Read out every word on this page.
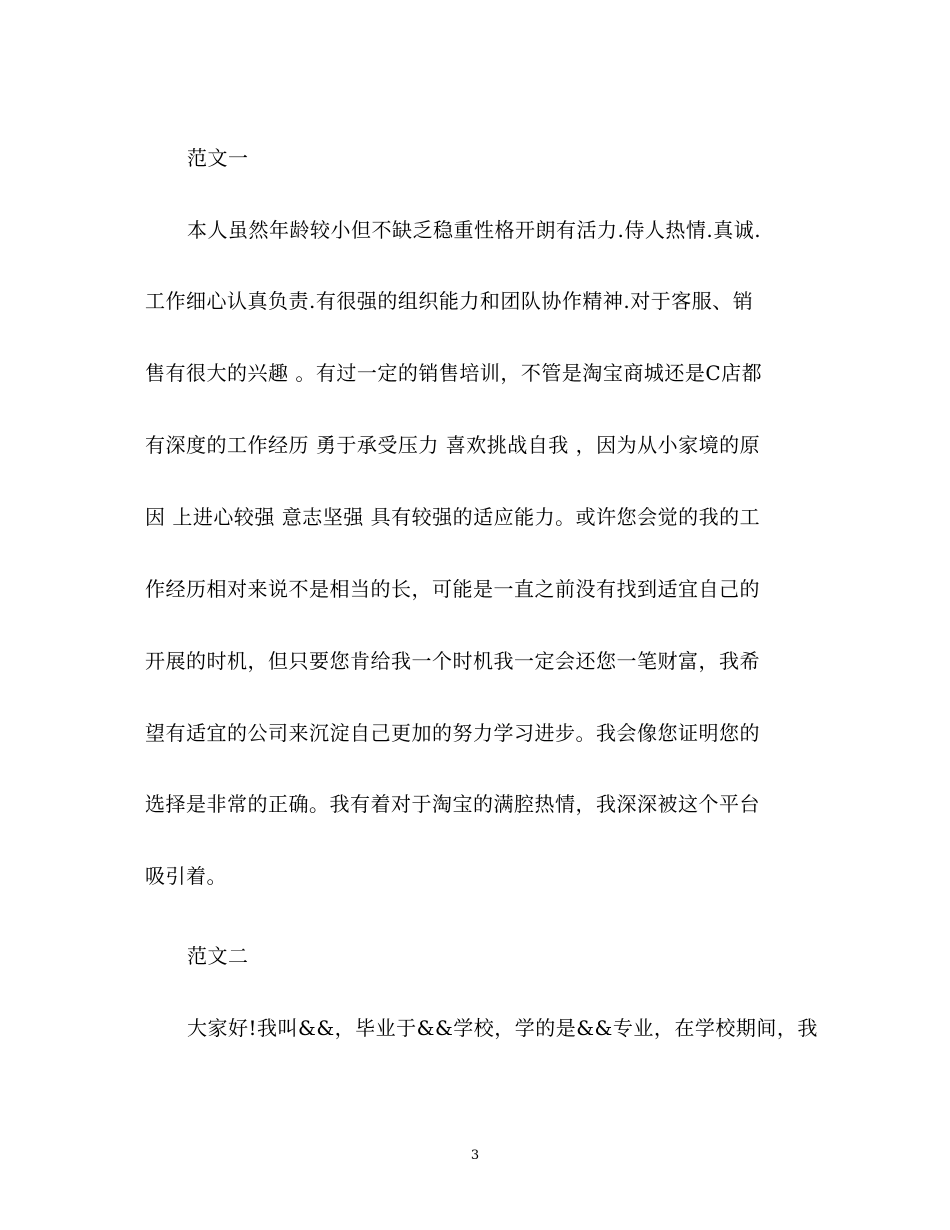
范文一
本人虽然年龄较小但不缺乏稳重性格开朗有活力.侍人热情.真诚.
工作细心认真负责.有很强的组织能力和团队协作精神.对于客服、销
售有很大的兴趣 。有过一定的销售培训，不管是淘宝商城还是C店都
有深度的工作经历 勇于承受压力 喜欢挑战自我 ，因为从小家境的原
因 上进心较强 意志坚强 具有较强的适应能力。或许您会觉的我的工
作经历相对来说不是相当的长，可能是一直之前没有找到适宜自己的
开展的时机，但只要您肯给我一个时机我一定会还您一笔财富，我希
望有适宜的公司来沉淀自己更加的努力学习进步。我会像您证明您的
选择是非常的正确。我有着对于淘宝的满腔热情，我深深被这个平台
吸引着。
范文二
大家好!我叫&&，毕业于&&学校，学的是&&专业，在学校期间，我
3
